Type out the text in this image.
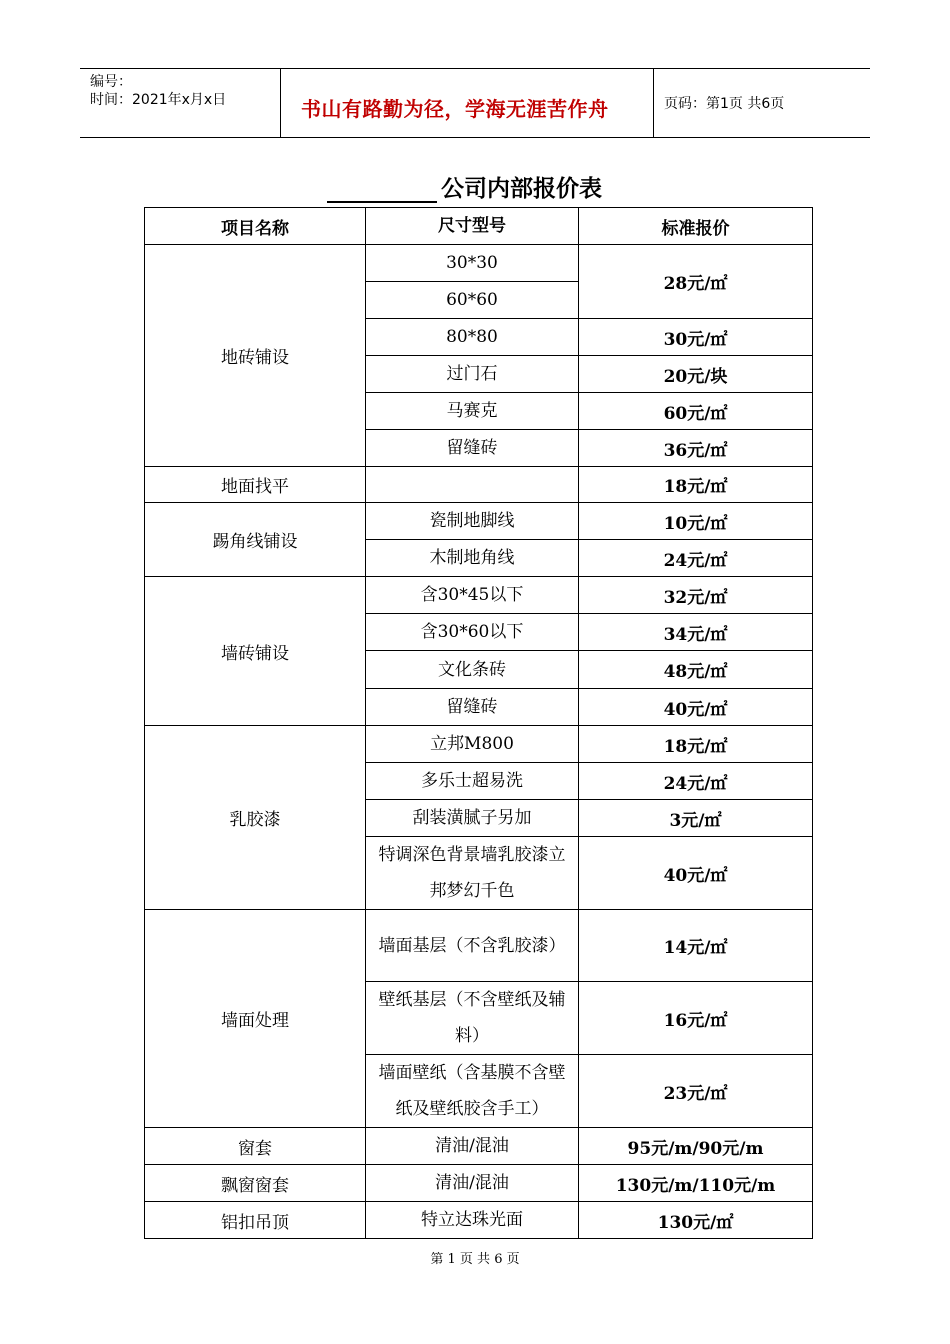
编号：
时间：2021年x月x日	书山有路勤为径，学海无涯苦作舟	页码：第1页 共6页
公司内部报价表
项目名称	尺寸型号	标准报价
地砖铺设	30*30	28元/㎡
	60*60	
	80*80	30元/㎡
	过门石	20元/块
	马赛克	60元/㎡
	留缝砖	36元/㎡
地面找平		18元/㎡
踢角线铺设	瓷制地脚线	10元/㎡
	木制地角线	24元/㎡
墙砖铺设	含30*45以下	32元/㎡
	含30*60以下	34元/㎡
	文化条砖	48元/㎡
	留缝砖	40元/㎡
乳胶漆	立邦M800	18元/㎡
	多乐士超易洗	24元/㎡
	刮装潢腻子另加	3元/㎡
	特调深色背景墙乳胶漆立邦梦幻千色	40元/㎡
墙面处理	墙面基层（不含乳胶漆）	14元/㎡
	壁纸基层（不含壁纸及辅料）	16元/㎡
	墙面壁纸（含基膜不含壁纸及壁纸胶含手工）	23元/㎡
窗套	清油/混油	95元/m/90元/m
飘窗窗套	清油/混油	130元/m/110元/m
铝扣吊顶	特立达珠光面	130元/㎡
第 1 页 共 6 页
